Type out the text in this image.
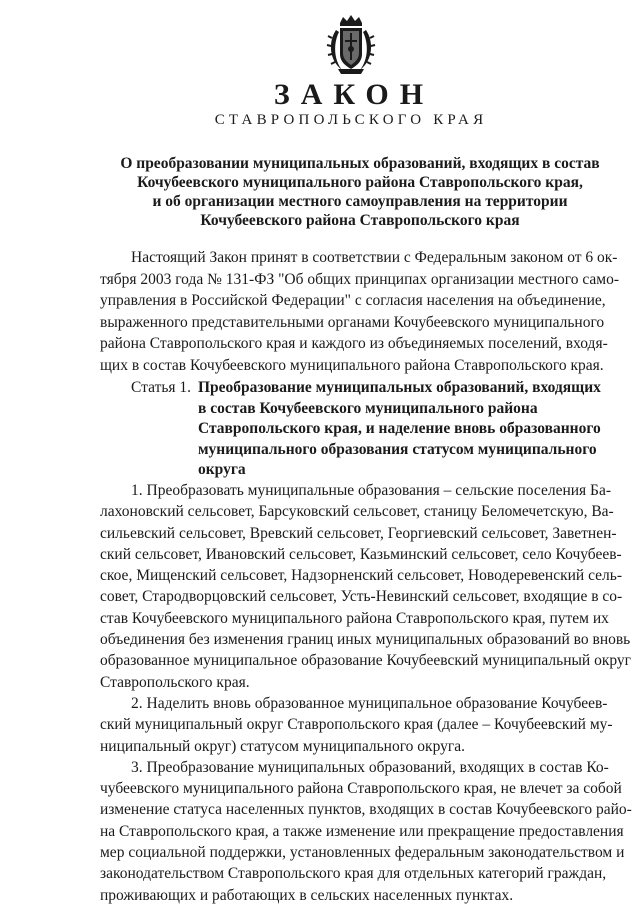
ЗАКОН
СТАВРОПОЛЬСКОГО КРАЯ
О преобразовании муниципальных образований, входящих в состав
Кочубеевского муниципального района Ставропольского края,
и об организации местного самоуправления на территории
Кочубеевского района Ставропольского края
Настоящий Закон принят в соответствии с Федеральным законом от 6 ок-
тября 2003 года № 131-ФЗ "Об общих принципах организации местного само-
управления в Российской Федерации" с согласия населения на объединение,
выраженного представительными органами Кочубеевского муниципального
района Ставропольского края и каждого из объединяемых поселений, входя-
щих в состав Кочубеевского муниципального района Ставропольского края.
Статья 1. Преобразование муниципальных образований, входящих
в состав Кочубеевского муниципального района
Ставропольского края, и наделение вновь образованного
муниципального образования статусом муниципального
округа
1. Преобразовать муниципальные образования – сельские поселения Ба-
лахоновский сельсовет, Барсуковский сельсовет, станицу Беломечетскую, Ва-
сильевский сельсовет, Вревский сельсовет, Георгиевский сельсовет, Заветнен-
ский сельсовет, Ивановский сельсовет, Казьминский сельсовет, село Кочубеев-
ское, Мищенский сельсовет, Надзорненский сельсовет, Новодеревенский сель-
совет, Стародворцовский сельсовет, Усть-Невинский сельсовет, входящие в со-
став Кочубеевского муниципального района Ставропольского края, путем их
объединения без изменения границ иных муниципальных образований во вновь
образованное муниципальное образование Кочубеевский муниципальный округ
Ставропольского края.
2. Наделить вновь образованное муниципальное образование Кочубеев-
ский муниципальный округ Ставропольского края (далее – Кочубеевский му-
ниципальный округ) статусом муниципального округа.
3. Преобразование муниципальных образований, входящих в состав Ко-
чубеевского муниципального района Ставропольского края, не влечет за собой
изменение статуса населенных пунктов, входящих в состав Кочубеевского райо-
на Ставропольского края, а также изменение или прекращение предоставления
мер социальной поддержки, установленных федеральным законодательством и
законодательством Ставропольского края для отдельных категорий граждан,
проживающих и работающих в сельских населенных пунктах.
